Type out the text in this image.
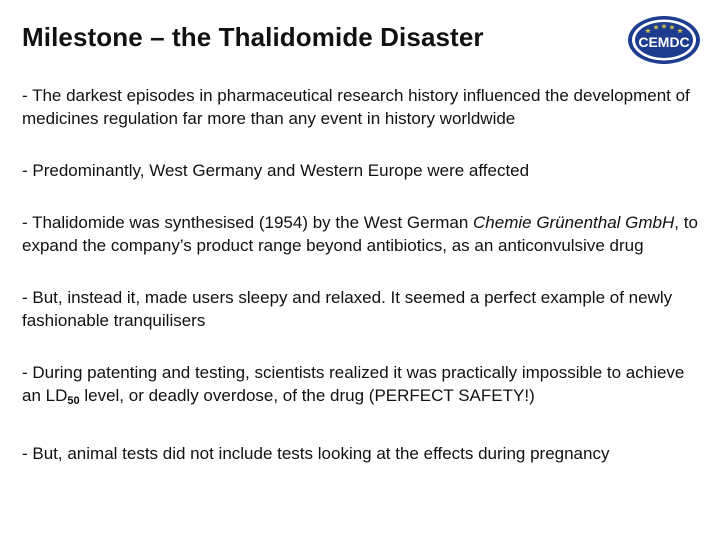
Milestone – the Thalidomide Disaster	CEMDC

- The darkest episodes in pharmaceutical research history influenced the development of medicines regulation far more than any event in history worldwide

- Predominantly, West Germany and Western Europe were affected

- Thalidomide was synthesised (1954) by the West German Chemie Grünenthal GmbH, to expand the company’s product range beyond antibiotics, as an anticonvulsive drug

- But, instead it, made users sleepy and relaxed. It seemed a perfect example of newly fashionable tranquilisers

- During patenting and testing, scientists realized it was practically impossible to achieve an $LD_{50}$ level, or deadly overdose, of the drug (PERFECT SAFETY!)

- But, animal tests did not include tests looking at the effects during pregnancy
